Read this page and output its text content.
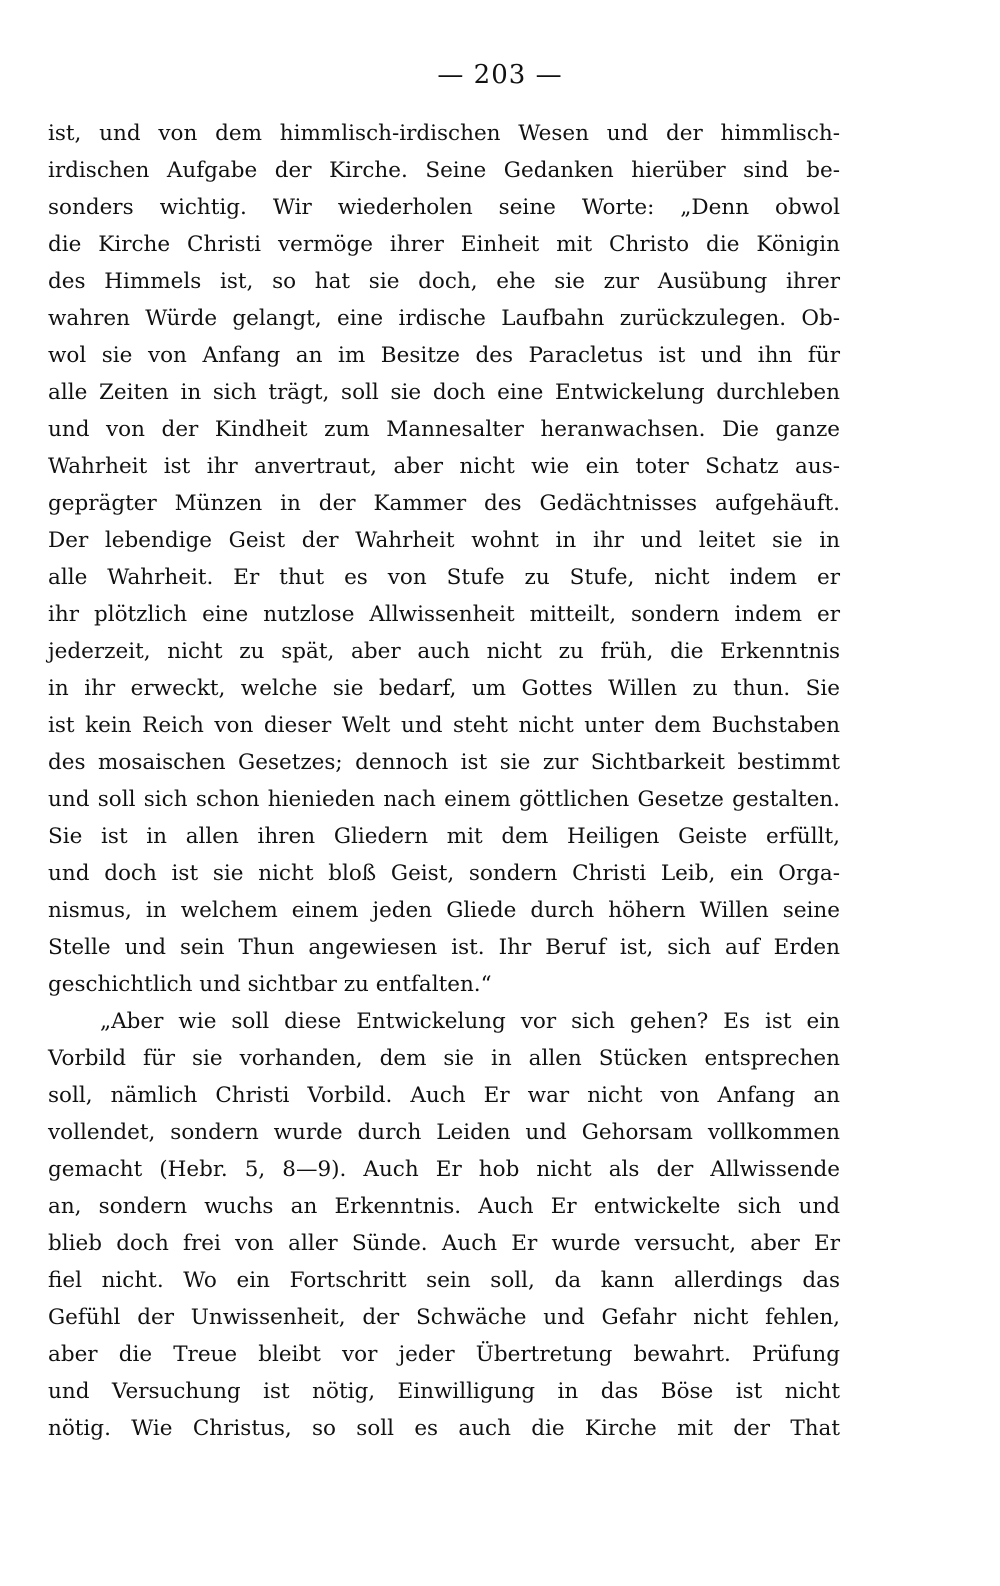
— 203 —
ist, und von dem himmlisch-irdischen Wesen und der himmlisch-
irdischen Aufgabe der Kirche. Seine Gedanken hierüber sind be-
sonders wichtig. Wir wiederholen seine Worte: „Denn obwol
die Kirche Christi vermöge ihrer Einheit mit Christo die Königin
des Himmels ist, so hat sie doch, ehe sie zur Ausübung ihrer
wahren Würde gelangt, eine irdische Laufbahn zurückzulegen. Ob-
wol sie von Anfang an im Besitze des Paracletus ist und ihn für
alle Zeiten in sich trägt, soll sie doch eine Entwickelung durchleben
und von der Kindheit zum Mannesalter heranwachsen. Die ganze
Wahrheit ist ihr anvertraut, aber nicht wie ein toter Schatz aus-
geprägter Münzen in der Kammer des Gedächtnisses aufgehäuft.
Der lebendige Geist der Wahrheit wohnt in ihr und leitet sie in
alle Wahrheit. Er thut es von Stufe zu Stufe, nicht indem er
ihr plötzlich eine nutzlose Allwissenheit mitteilt, sondern indem er
jederzeit, nicht zu spät, aber auch nicht zu früh, die Erkenntnis
in ihr erweckt, welche sie bedarf, um Gottes Willen zu thun. Sie
ist kein Reich von dieser Welt und steht nicht unter dem Buchstaben
des mosaischen Gesetzes; dennoch ist sie zur Sichtbarkeit bestimmt
und soll sich schon hienieden nach einem göttlichen Gesetze gestalten.
Sie ist in allen ihren Gliedern mit dem Heiligen Geiste erfüllt,
und doch ist sie nicht bloß Geist, sondern Christi Leib, ein Orga-
nismus, in welchem einem jeden Gliede durch höhern Willen seine
Stelle und sein Thun angewiesen ist. Ihr Beruf ist, sich auf Erden
geschichtlich und sichtbar zu entfalten.“
„Aber wie soll diese Entwickelung vor sich gehen? Es ist ein
Vorbild für sie vorhanden, dem sie in allen Stücken entsprechen
soll, nämlich Christi Vorbild. Auch Er war nicht von Anfang an
vollendet, sondern wurde durch Leiden und Gehorsam vollkommen
gemacht (Hebr. 5, 8—9). Auch Er hob nicht als der Allwissende
an, sondern wuchs an Erkenntnis. Auch Er entwickelte sich und
blieb doch frei von aller Sünde. Auch Er wurde versucht, aber Er
fiel nicht. Wo ein Fortschritt sein soll, da kann allerdings das
Gefühl der Unwissenheit, der Schwäche und Gefahr nicht fehlen,
aber die Treue bleibt vor jeder Übertretung bewahrt. Prüfung
und Versuchung ist nötig, Einwilligung in das Böse ist nicht
nötig. Wie Christus, so soll es auch die Kirche mit der That
